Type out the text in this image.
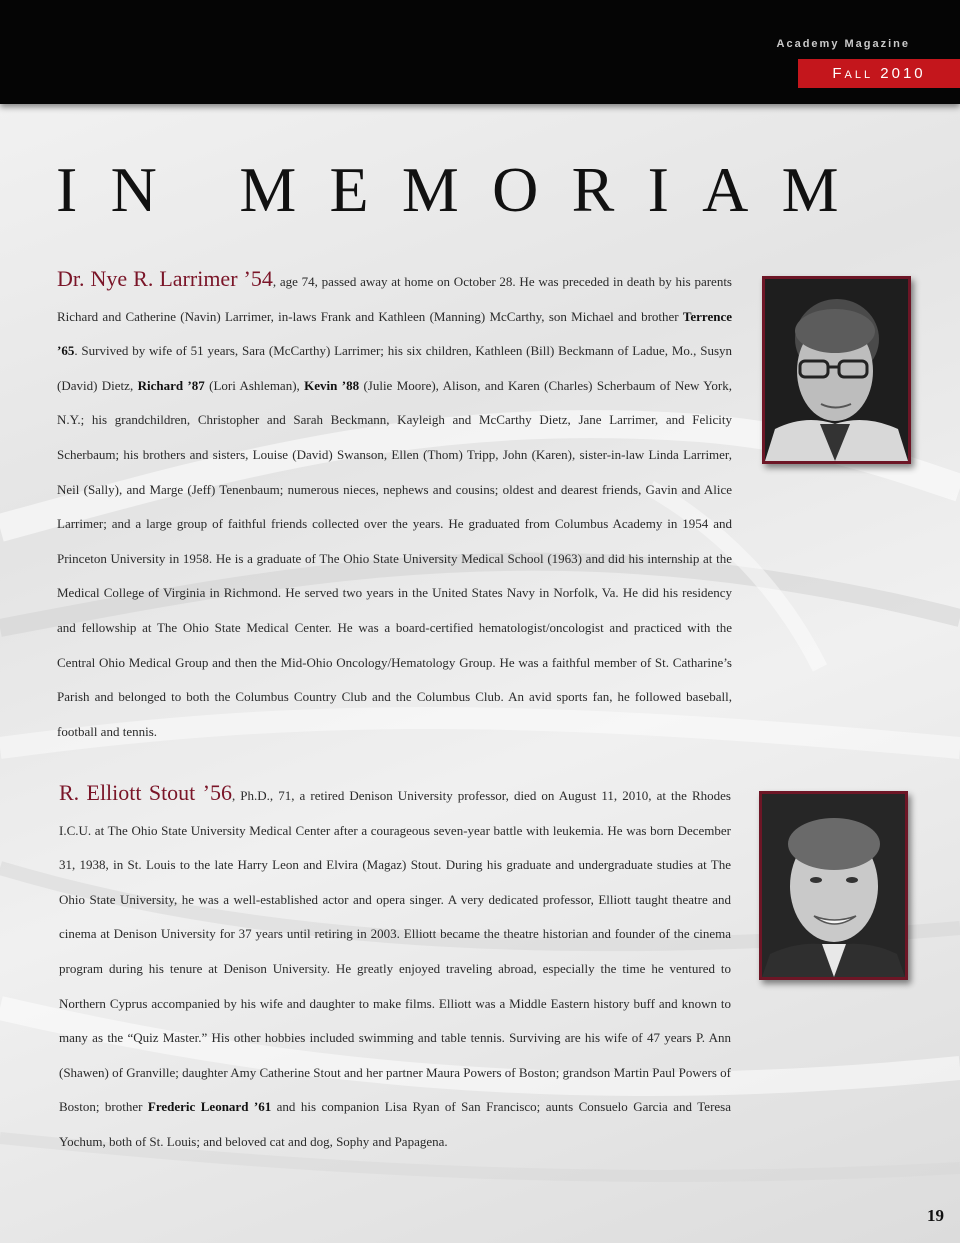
Academy Magazine
Fall 2010
IN MEMORIAM
Dr. Nye R. Larrimer ’54, age 74, passed away at home on October 28. He was preceded in death by his parents Richard and Catherine (Navin) Larrimer, in-laws Frank and Kathleen (Manning) McCarthy, son Michael and brother Terrence ’65. Survived by wife of 51 years, Sara (McCarthy) Larrimer; his six children, Kathleen (Bill) Beckmann of Ladue, Mo., Susyn (David) Dietz, Richard ’87 (Lori Ashleman), Kevin ’88 (Julie Moore), Alison, and Karen (Charles) Scherbaum of New York, N.Y.; his grandchildren, Christopher and Sarah Beckmann, Kayleigh and McCarthy Dietz, Jane Larrimer, and Felicity Scherbaum; his brothers and sisters, Louise (David) Swanson, Ellen (Thom) Tripp, John (Karen), sister-in-law Linda Larrimer, Neil (Sally), and Marge (Jeff) Tenenbaum; numerous nieces, nephews and cousins; oldest and dearest friends, Gavin and Alice Larrimer; and a large group of faithful friends collected over the years. He graduated from Columbus Academy in 1954 and Princeton University in 1958. He is a graduate of The Ohio State University Medical School (1963) and did his internship at the Medical College of Virginia in Richmond. He served two years in the United States Navy in Norfolk, Va. He did his residency and fellowship at The Ohio State Medical Center. He was a board-certified hematologist/oncologist and practiced with the Central Ohio Medical Group and then the Mid-Ohio Oncology/Hematology Group. He was a faithful member of St. Catharine’s Parish and belonged to both the Columbus Country Club and the Columbus Club. An avid sports fan, he followed baseball, football and tennis.
R. Elliott Stout ’56, Ph.D., 71, a retired Denison University professor, died on August 11, 2010, at the Rhodes I.C.U. at The Ohio State University Medical Center after a courageous seven-year battle with leukemia. He was born December 31, 1938, in St. Louis to the late Harry Leon and Elvira (Magaz) Stout. During his graduate and undergraduate studies at The Ohio State University, he was a well-established actor and opera singer. A very dedicated professor, Elliott taught theatre and cinema at Denison University for 37 years until retiring in 2003. Elliott became the theatre historian and founder of the cinema program during his tenure at Denison University. He greatly enjoyed traveling abroad, especially the time he ventured to Northern Cyprus accompanied by his wife and daughter to make films. Elliott was a Middle Eastern history buff and known to many as the “Quiz Master.” His other hobbies included swimming and table tennis. Surviving are his wife of 47 years P. Ann (Shawen) of Granville; daughter Amy Catherine Stout and her partner Maura Powers of Boston; grandson Martin Paul Powers of Boston; brother Frederic Leonard ’61 and his companion Lisa Ryan of San Francisco; aunts Consuelo Garcia and Teresa Yochum, both of St. Louis; and beloved cat and dog, Sophy and Papagena.
19
